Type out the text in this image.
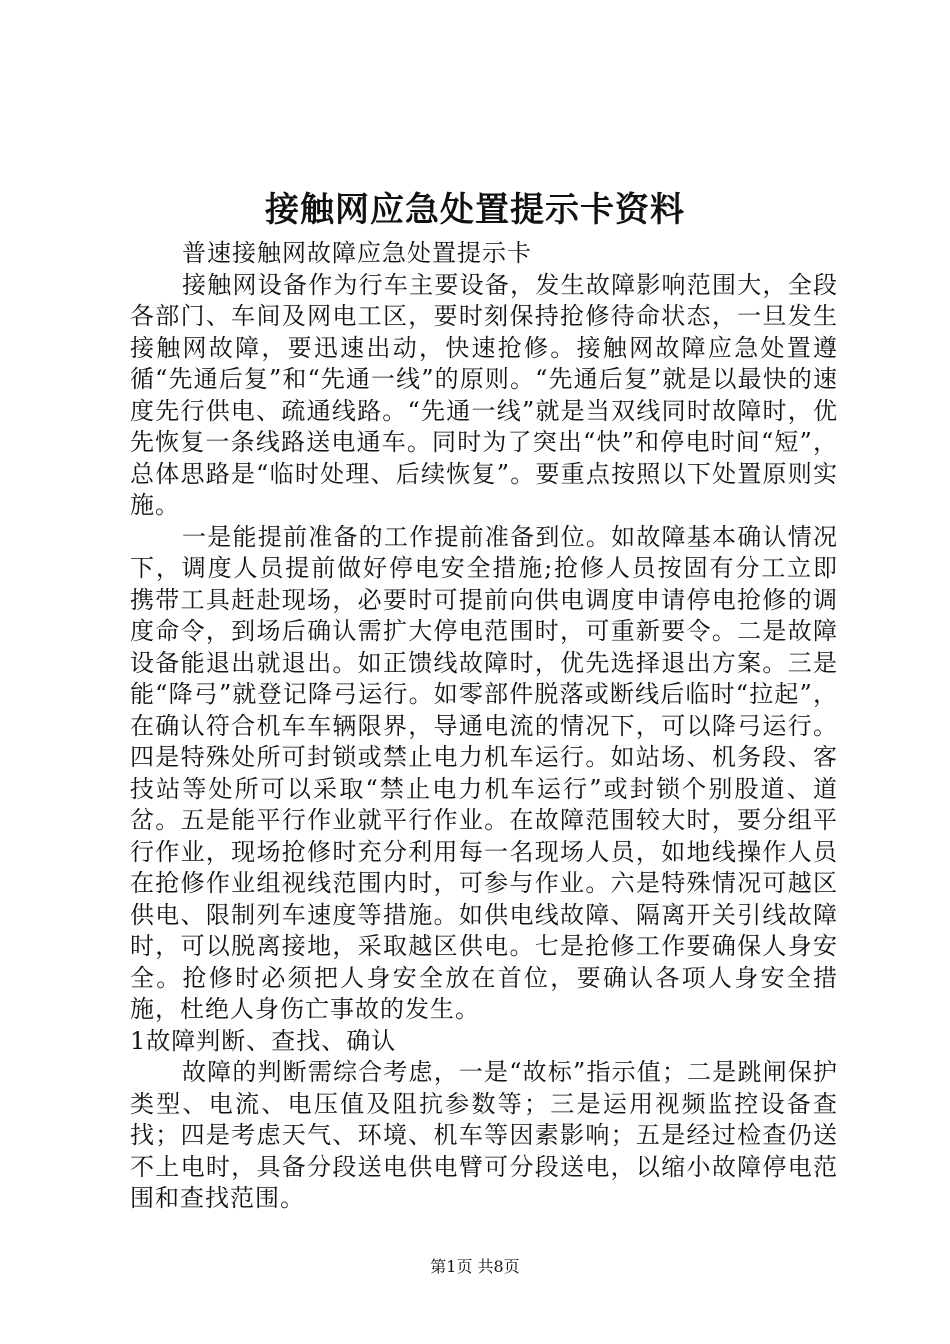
接触网应急处置提示卡资料

普速接触网故障应急处置提示卡

接触网设备作为行车主要设备，发生故障影响范围大，全段各部门、车间及网电工区，要时刻保持抢修待命状态，一旦发生接触网故障，要迅速出动，快速抢修。接触网故障应急处置遵循“先通后复”和“先通一线”的原则。“先通后复”就是以最快的速度先行供电、疏通线路。“先通一线”就是当双线同时故障时，优先恢复一条线路送电通车。同时为了突出“快”和停电时间“短”，总体思路是“临时处理、后续恢复”。要重点按照以下处置原则实施。

一是能提前准备的工作提前准备到位。如故障基本确认情况下，调度人员提前做好停电安全措施;抢修人员按固有分工立即携带工具赶赴现场，必要时可提前向供电调度申请停电抢修的调度命令，到场后确认需扩大停电范围时，可重新要令。二是故障设备能退出就退出。如正馈线故障时，优先选择退出方案。三是能“降弓”就登记降弓运行。如零部件脱落或断线后临时“拉起”，在确认符合机车车辆限界，导通电流的情况下，可以降弓运行。四是特殊处所可封锁或禁止电力机车运行。如站场、机务段、客技站等处所可以采取“禁止电力机车运行”或封锁个别股道、道岔。五是能平行作业就平行作业。在故障范围较大时，要分组平行作业，现场抢修时充分利用每一名现场人员，如地线操作人员在抢修作业组视线范围内时，可参与作业。六是特殊情况可越区供电、限制列车速度等措施。如供电线故障、隔离开关引线故障时，可以脱离接地，采取越区供电。七是抢修工作要确保人身安全。抢修时必须把人身安全放在首位，要确认各项人身安全措施，杜绝人身伤亡事故的发生。

1故障判断、查找、确认

故障的判断需综合考虑，一是“故标”指示值；二是跳闸保护类型、电流、电压值及阻抗参数等；三是运用视频监控设备查找；四是考虑天气、环境、机车等因素影响；五是经过检查仍送不上电时，具备分段送电供电臂可分段送电，以缩小故障停电范围和查找范围。

第1页 共8页
